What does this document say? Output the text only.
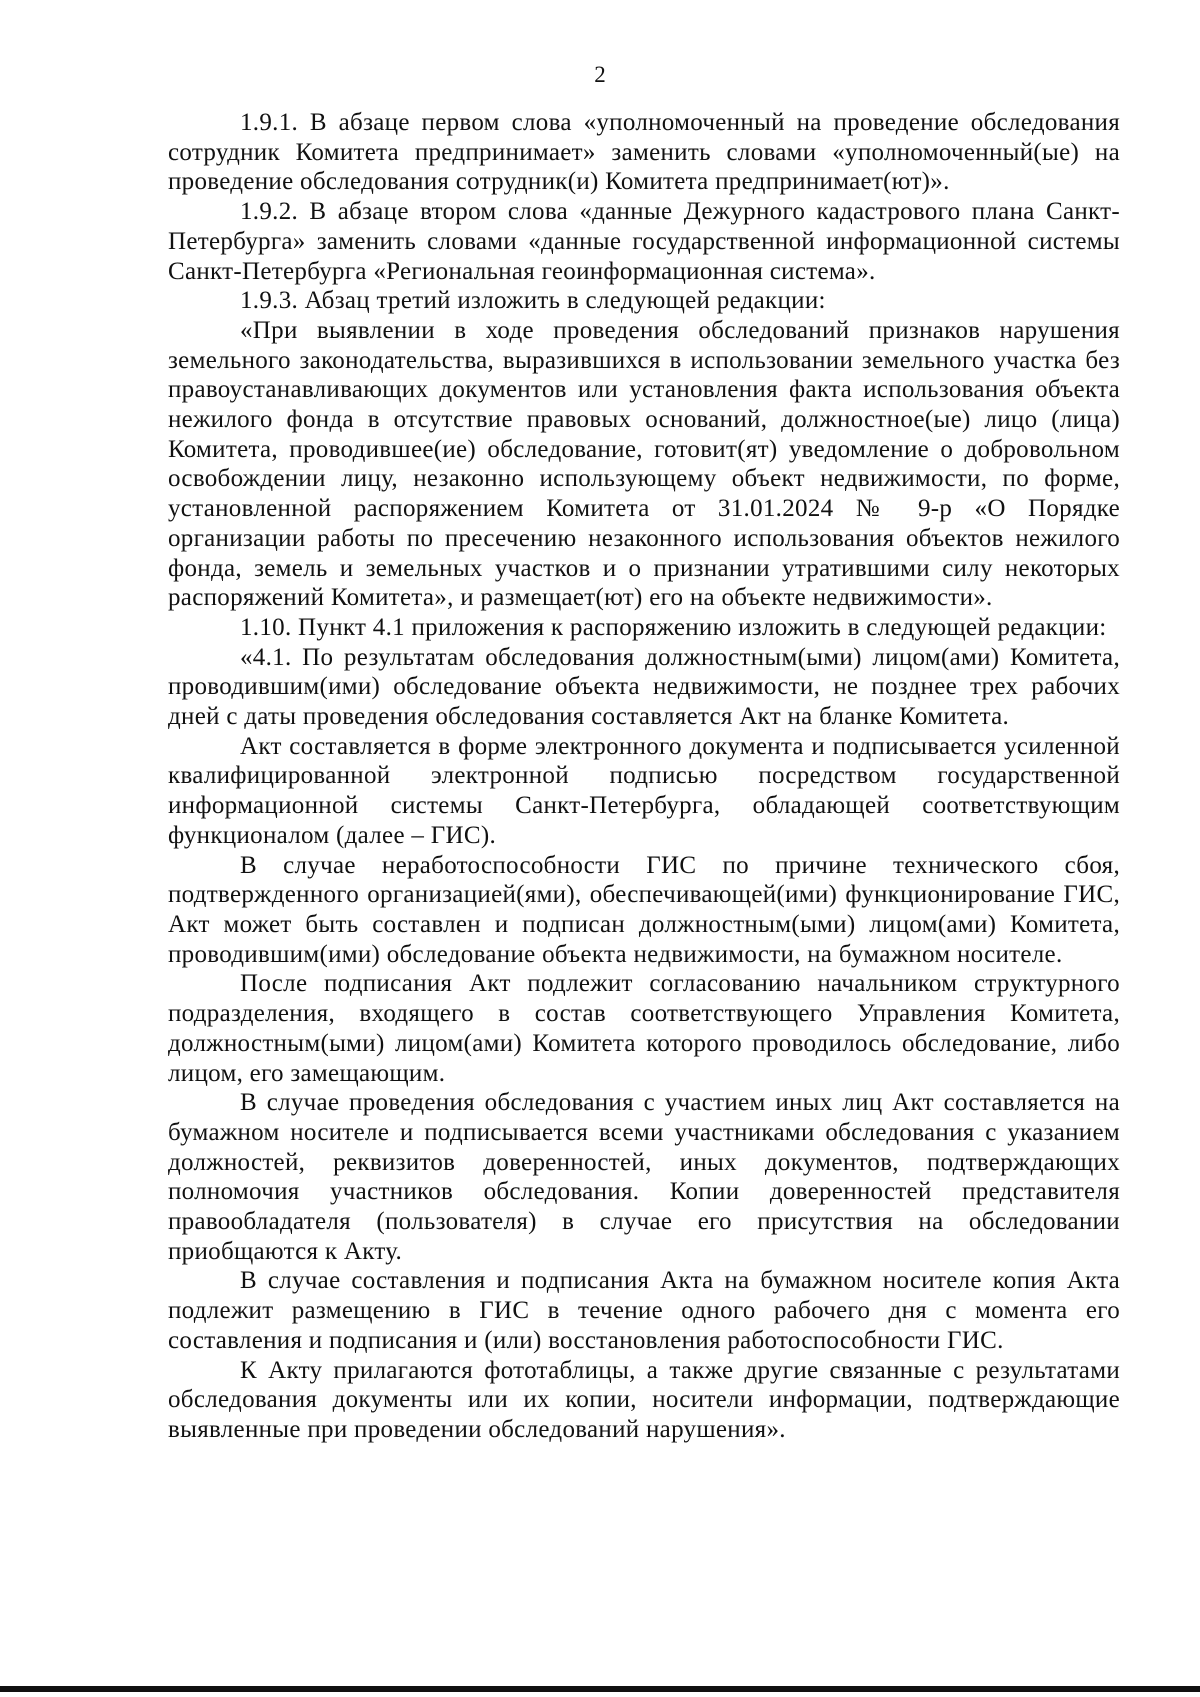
2

1.9.1. В абзаце первом слова «уполномоченный на проведение обследования сотрудник Комитета предпринимает» заменить словами «уполномоченный(ые) на проведение обследования сотрудник(и) Комитета предпринимает(ют)».

1.9.2. В абзаце втором слова «данные Дежурного кадастрового плана Санкт-Петербурга» заменить словами «данные государственной информационной системы Санкт-Петербурга «Региональная геоинформационная система».

1.9.3. Абзац третий изложить в следующей редакции:

«При выявлении в ходе проведения обследований признаков нарушения земельного законодательства, выразившихся в использовании земельного участка без правоустанавливающих документов или установления факта использования объекта нежилого фонда в отсутствие правовых оснований, должностное(ые) лицо (лица) Комитета, проводившее(ие) обследование, готовит(ят) уведомление о добровольном освобождении лицу, незаконно использующему объект недвижимости, по форме, установленной распоряжением Комитета от 31.01.2024 № 9-р «О Порядке организации работы по пресечению незаконного использования объектов нежилого фонда, земель и земельных участков и о признании утратившими силу некоторых распоряжений Комитета», и размещает(ют) его на объекте недвижимости».

1.10. Пункт 4.1 приложения к распоряжению изложить в следующей редакции:

«4.1. По результатам обследования должностным(ыми) лицом(ами) Комитета, проводившим(ими) обследование объекта недвижимости, не позднее трех рабочих дней с даты проведения обследования составляется Акт на бланке Комитета.

Акт составляется в форме электронного документа и подписывается усиленной квалифицированной электронной подписью посредством государственной информационной системы Санкт-Петербурга, обладающей соответствующим функционалом (далее – ГИС).

В случае неработоспособности ГИС по причине технического сбоя, подтвержденного организацией(ями), обеспечивающей(ими) функционирование ГИС, Акт может быть составлен и подписан должностным(ыми) лицом(ами) Комитета, проводившим(ими) обследование объекта недвижимости, на бумажном носителе.

После подписания Акт подлежит согласованию начальником структурного подразделения, входящего в состав соответствующего Управления Комитета, должностным(ыми) лицом(ами) Комитета которого проводилось обследование, либо лицом, его замещающим.

В случае проведения обследования с участием иных лиц Акт составляется на бумажном носителе и подписывается всеми участниками обследования с указанием должностей, реквизитов доверенностей, иных документов, подтверждающих полномочия участников обследования. Копии доверенностей представителя правообладателя (пользователя) в случае его присутствия на обследовании приобщаются к Акту.

В случае составления и подписания Акта на бумажном носителе копия Акта подлежит размещению в ГИС в течение одного рабочего дня с момента его составления и подписания и (или) восстановления работоспособности ГИС.

К Акту прилагаются фототаблицы, а также другие связанные с результатами обследования документы или их копии, носители информации, подтверждающие выявленные при проведении обследований нарушения».
